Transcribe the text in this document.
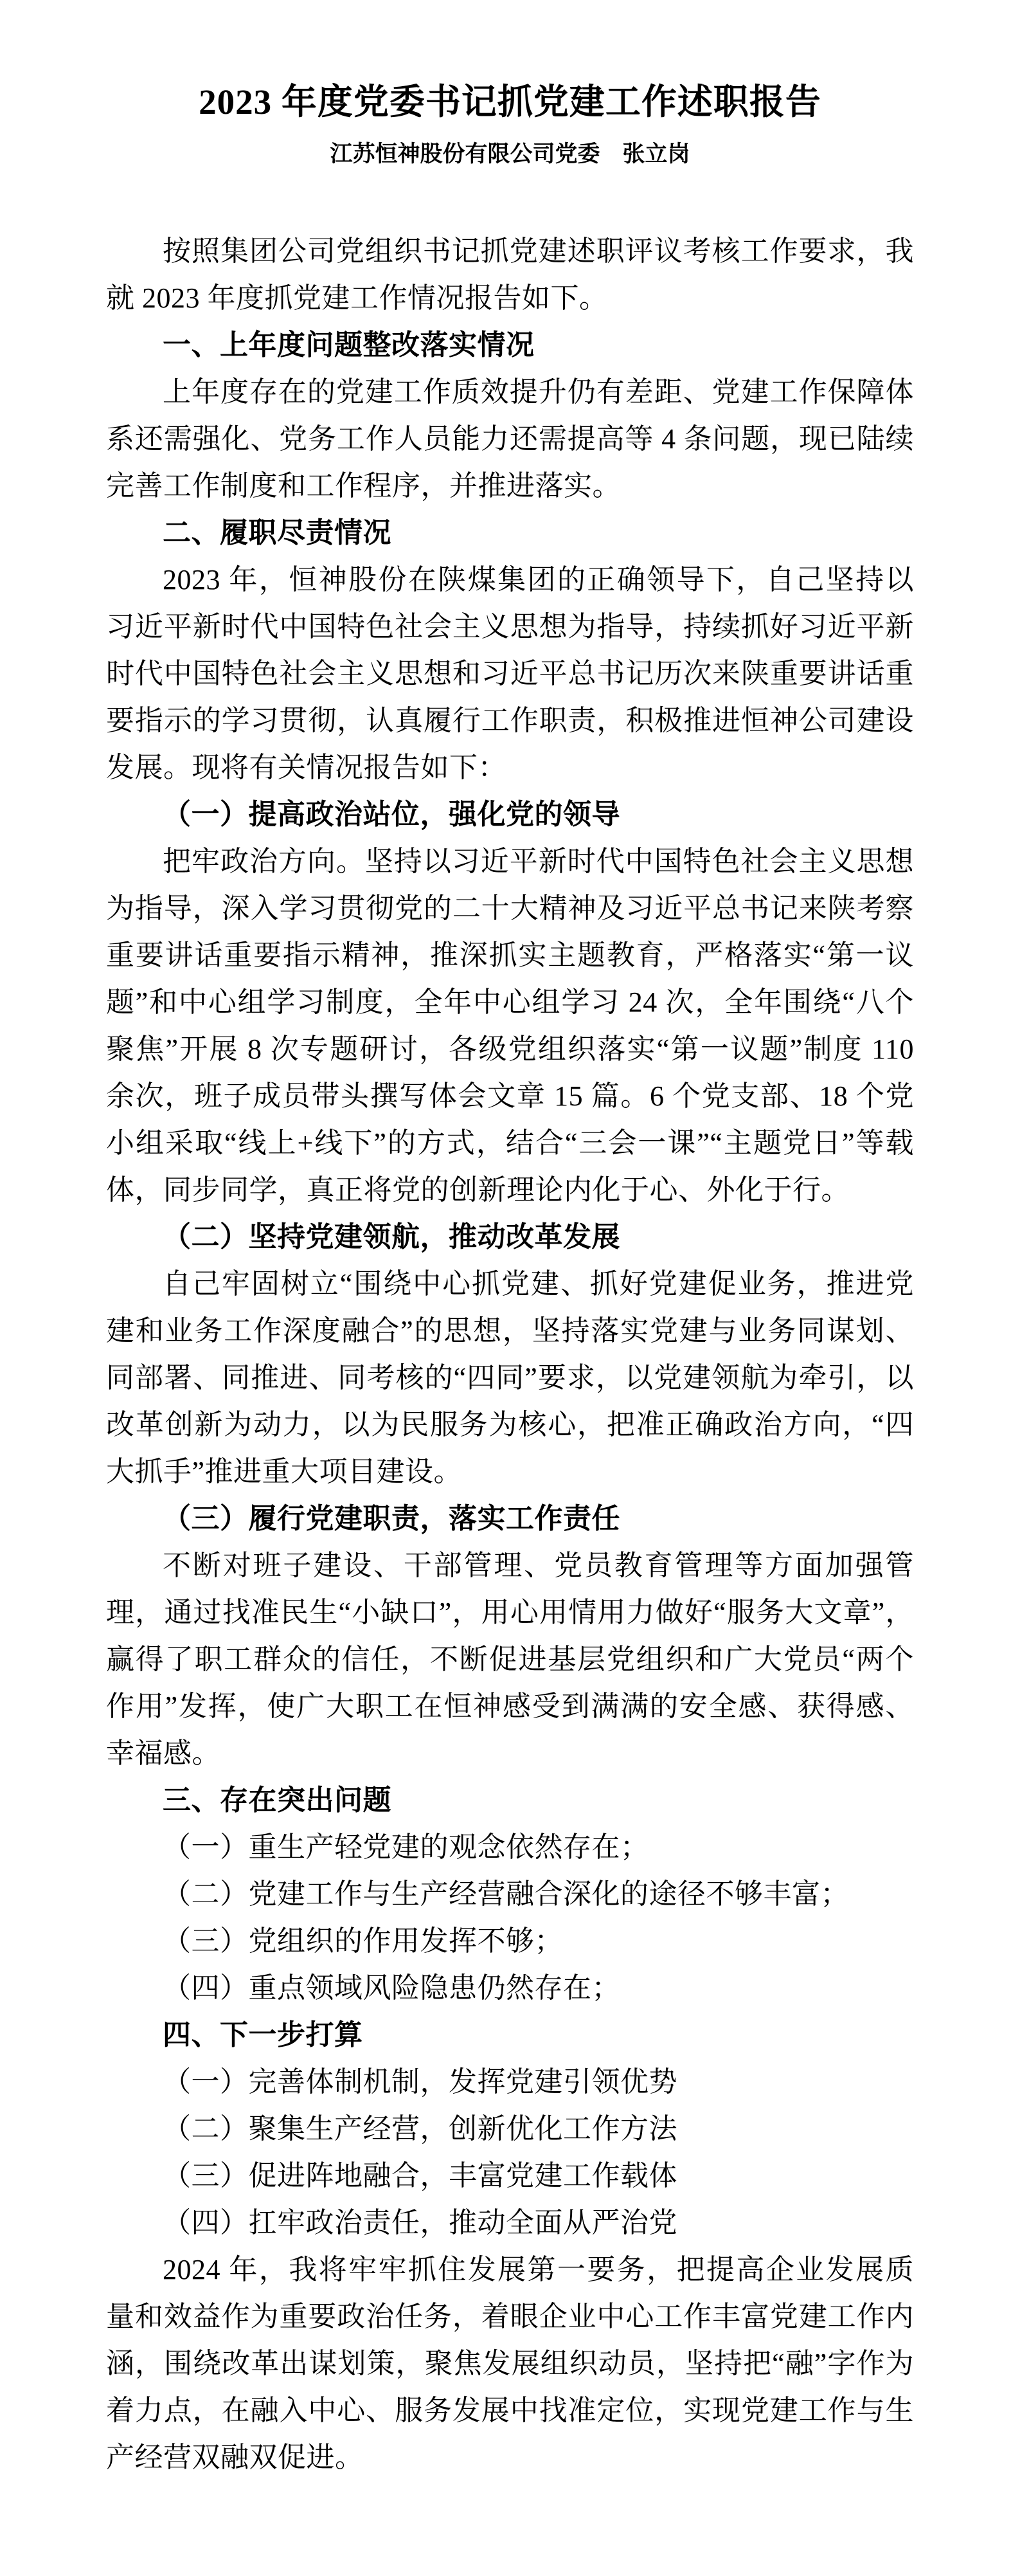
2023 年度党委书记抓党建工作述职报告
江苏恒神股份有限公司党委　张立岗

按照集团公司党组织书记抓党建述职评议考核工作要求，我就 2023 年度抓党建工作情况报告如下。

一、上年度问题整改落实情况

上年度存在的党建工作质效提升仍有差距、党建工作保障体系还需强化、党务工作人员能力还需提高等 4 条问题，现已陆续完善工作制度和工作程序，并推进落实。

二、履职尽责情况

2023 年，恒神股份在陕煤集团的正确领导下，自己坚持以习近平新时代中国特色社会主义思想为指导，持续抓好习近平新时代中国特色社会主义思想和习近平总书记历次来陕重要讲话重要指示的学习贯彻，认真履行工作职责，积极推进恒神公司建设发展。现将有关情况报告如下：

（一）提高政治站位，强化党的领导

把牢政治方向。坚持以习近平新时代中国特色社会主义思想为指导，深入学习贯彻党的二十大精神及习近平总书记来陕考察重要讲话重要指示精神，推深抓实主题教育，严格落实“第一议题”和中心组学习制度，全年中心组学习 24 次，全年围绕“八个聚焦”开展 8 次专题研讨，各级党组织落实“第一议题”制度 110 余次，班子成员带头撰写体会文章 15 篇。6 个党支部、18 个党小组采取“线上+线下”的方式，结合“三会一课”“主题党日”等载体，同步同学，真正将党的创新理论内化于心、外化于行。

（二）坚持党建领航，推动改革发展

自己牢固树立“围绕中心抓党建、抓好党建促业务，推进党建和业务工作深度融合”的思想，坚持落实党建与业务同谋划、同部署、同推进、同考核的“四同”要求，以党建领航为牵引，以改革创新为动力，以为民服务为核心，把准正确政治方向，“四大抓手”推进重大项目建设。

（三）履行党建职责，落实工作责任

不断对班子建设、干部管理、党员教育管理等方面加强管理，通过找准民生“小缺口”，用心用情用力做好“服务大文章”，赢得了职工群众的信任，不断促进基层党组织和广大党员“两个作用”发挥，使广大职工在恒神感受到满满的安全感、获得感、幸福感。

三、存在突出问题

（一）重生产轻党建的观念依然存在；

（二）党建工作与生产经营融合深化的途径不够丰富；

（三）党组织的作用发挥不够；

（四）重点领域风险隐患仍然存在；

四、下一步打算

（一）完善体制机制，发挥党建引领优势

（二）聚集生产经营，创新优化工作方法

（三）促进阵地融合，丰富党建工作载体

（四）扛牢政治责任，推动全面从严治党

2024 年，我将牢牢抓住发展第一要务，把提高企业发展质量和效益作为重要政治任务，着眼企业中心工作丰富党建工作内涵，围绕改革出谋划策，聚焦发展组织动员，坚持把“融”字作为着力点，在融入中心、服务发展中找准定位，实现党建工作与生产经营双融双促进。
